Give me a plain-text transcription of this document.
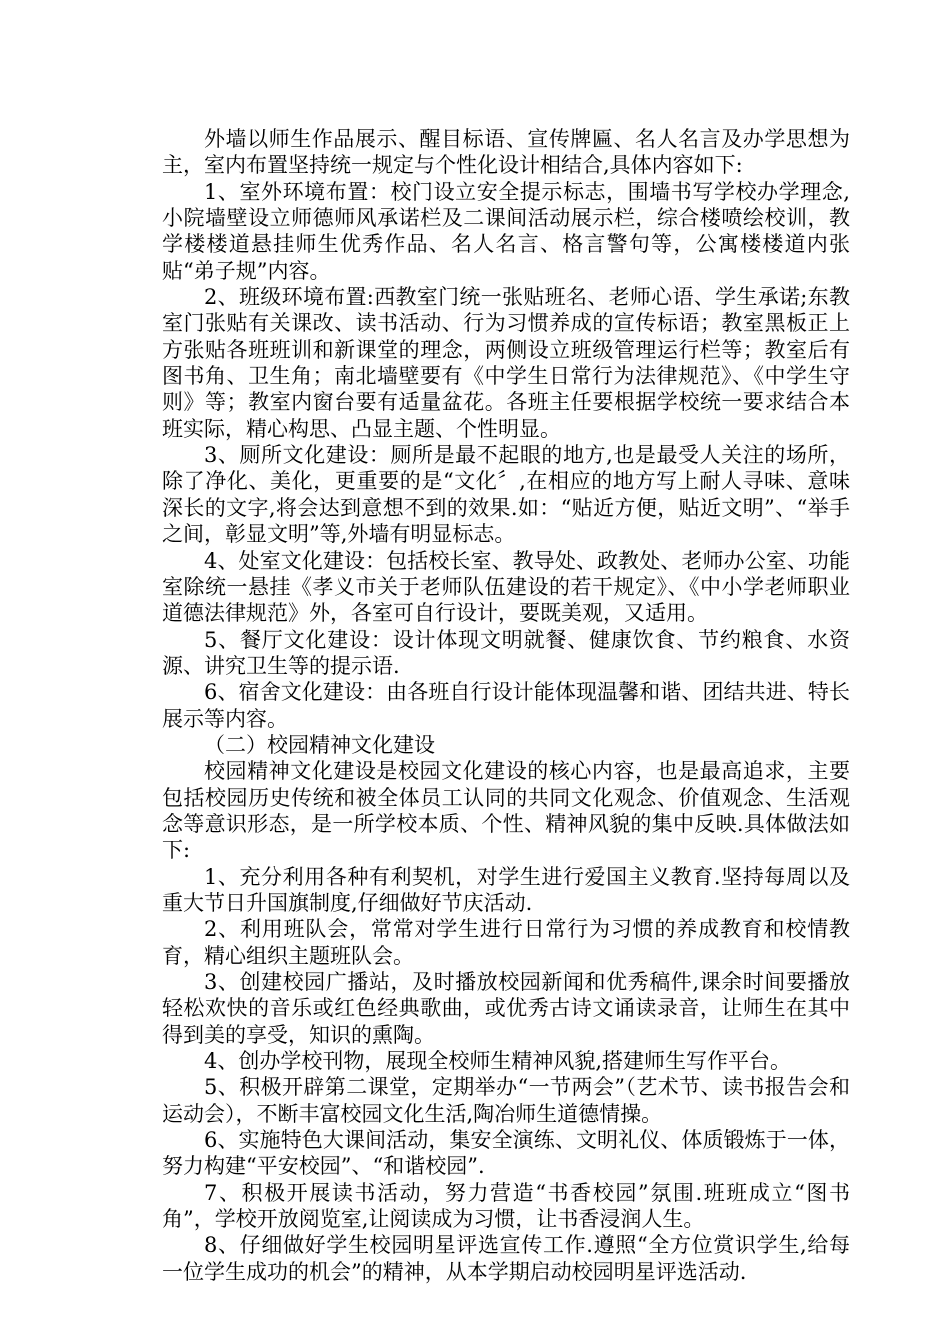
外墙以师生作品展示、醒目标语、宣传牌匾、名人名言及办学思想为主，室内布置坚持统一规定与个性化设计相结合,具体内容如下:

1、室外环境布置：校门设立安全提示标志，围墙书写学校办学理念,小院墙壁设立师德师风承诺栏及二课间活动展示栏，综合楼喷绘校训，教学楼楼道悬挂师生优秀作品、名人名言、格言警句等，公寓楼楼道内张贴“弟子规”内容。

2、班级环境布置:西教室门统一张贴班名、老师心语、学生承诺;东教室门张贴有关课改、读书活动、行为习惯养成的宣传标语；教室黑板正上方张贴各班班训和新课堂的理念，两侧设立班级管理运行栏等；教室后有图书角、卫生角；南北墙壁要有《中学生日常行为法律规范》、《中学生守则》等；教室内窗台要有适量盆花。各班主任要根据学校统一要求结合本班实际，精心构思、凸显主题、个性明显。

3、厕所文化建设：厕所是最不起眼的地方,也是最受人关注的场所，除了净化、美化，更重要的是“文化〞,在相应的地方写上耐人寻味、意味深长的文字,将会达到意想不到的效果.如：“贴近方便，贴近文明”、“举手之间，彰显文明”等,外墙有明显标志。

4、处室文化建设：包括校长室、教导处、政教处、老师办公室、功能室除统一悬挂《孝义市关于老师队伍建设的若干规定》、《中小学老师职业道德法律规范》外，各室可自行设计，要既美观，又适用。

5、餐厅文化建设：设计体现文明就餐、健康饮食、节约粮食、水资源、讲究卫生等的提示语.

6、宿舍文化建设：由各班自行设计能体现温馨和谐、团结共进、特长展示等内容。

（二）校园精神文化建设

校园精神文化建设是校园文化建设的核心内容，也是最高追求，主要包括校园历史传统和被全体员工认同的共同文化观念、价值观念、生活观念等意识形态，是一所学校本质、个性、精神风貌的集中反映.具体做法如下:

1、充分利用各种有利契机，对学生进行爱国主义教育.坚持每周以及重大节日升国旗制度,仔细做好节庆活动.

2、利用班队会，常常对学生进行日常行为习惯的养成教育和校情教育，精心组织主题班队会。

3、创建校园广播站，及时播放校园新闻和优秀稿件,课余时间要播放轻松欢快的音乐或红色经典歌曲，或优秀古诗文诵读录音，让师生在其中得到美的享受，知识的熏陶。

4、创办学校刊物，展现全校师生精神风貌,搭建师生写作平台。

5、积极开辟第二课堂，定期举办“一节两会”（艺术节、读书报告会和运动会），不断丰富校园文化生活,陶冶师生道德情操。

6、实施特色大课间活动，集安全演练、文明礼仪、体质锻炼于一体，努力构建“平安校园”、“和谐校园”.

7、积极开展读书活动，努力营造“书香校园”氛围.班班成立“图书角”，学校开放阅览室,让阅读成为习惯，让书香浸润人生。

8、仔细做好学生校园明星评选宣传工作.遵照“全方位赏识学生,给每一位学生成功的机会”的精神，从本学期启动校园明星评选活动.
